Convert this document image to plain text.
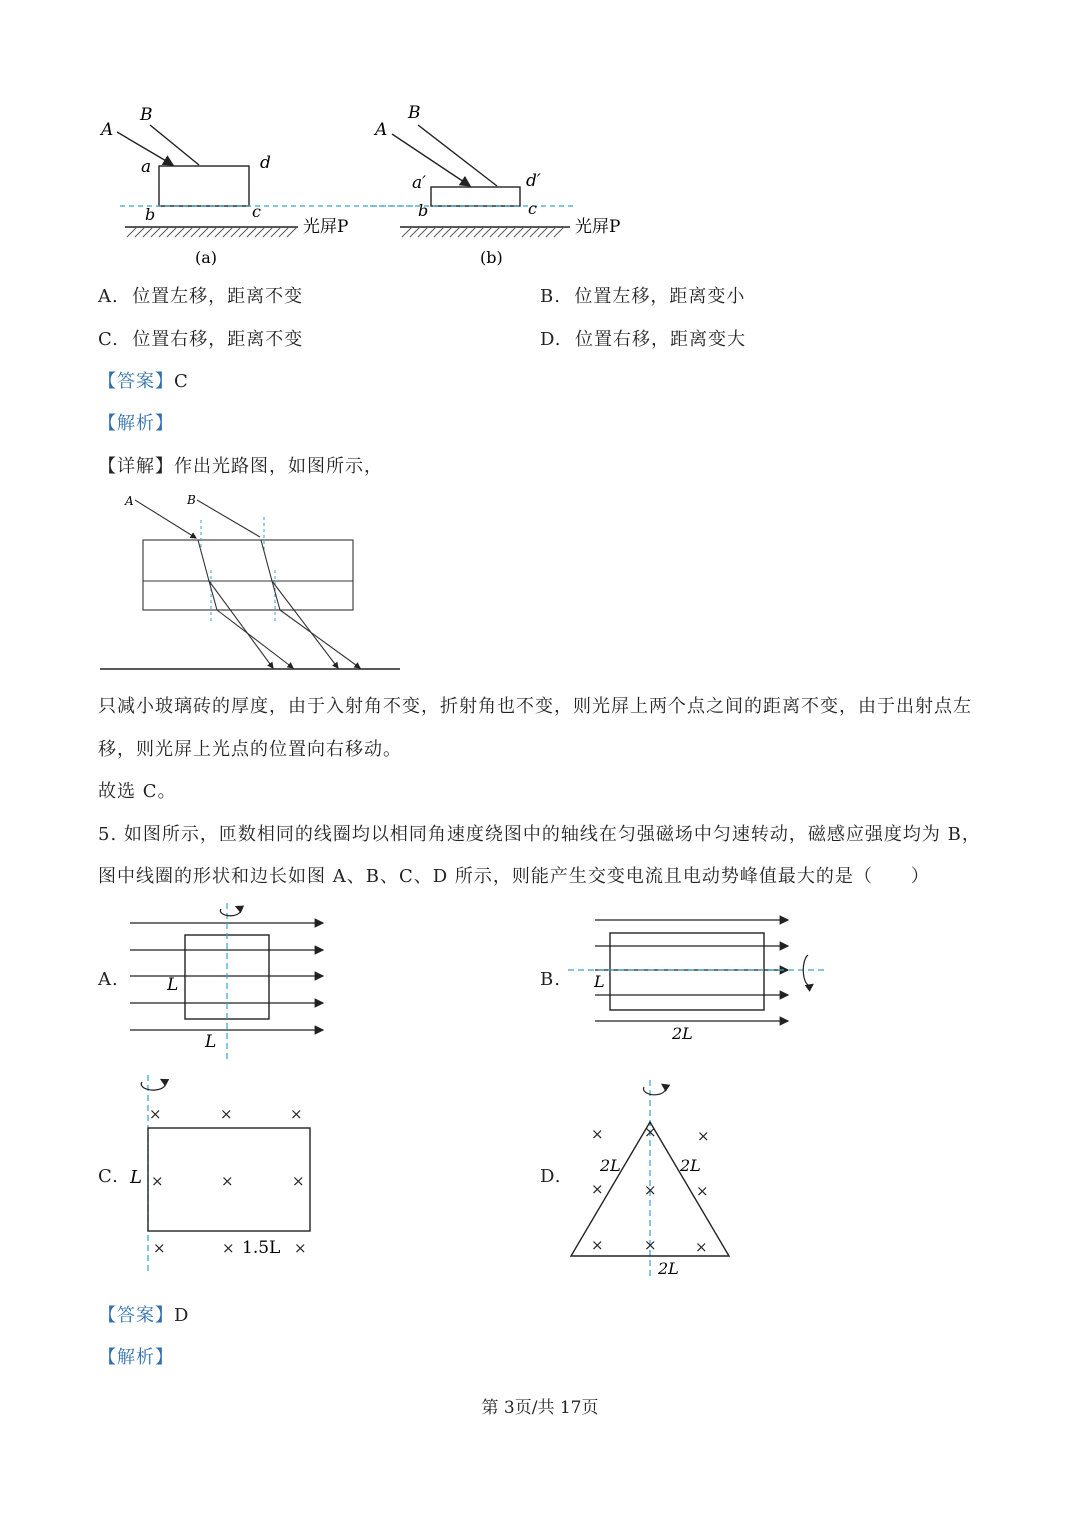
A
B
a	d
b	c
光屏P
(a)
A
B
a′	d′
b	c
光屏P
(b)
A. 位置左移，距离不变	B. 位置左移，距离变小
C. 位置右移，距离不变	D. 位置右移，距离变大
【答案】C
【解析】
【详解】作出光路图，如图所示，
A	B
只减小玻璃砖的厚度，由于入射角不变，折射角也不变，则光屏上两个点之间的距离不变，由于出射点左
移，则光屏上光点的位置向右移动。
故选 C。
5. 如图所示，匝数相同的线圈均以相同角速度绕图中的轴线在匀强磁场中匀速转动，磁感应强度均为 B，
图中线圈的形状和边长如图 A、B、C、D 所示，则能产生交变电流且电动势峰值最大的是（　　）
A.	L
L
B. L
2L
C.
×	×	×
×	×	×
×	×	×
L
1.5L
D.
×	×	×
×	×	×
×	×	×
2L	2L
2L
【答案】D
【解析】
第 3页/共 17页
